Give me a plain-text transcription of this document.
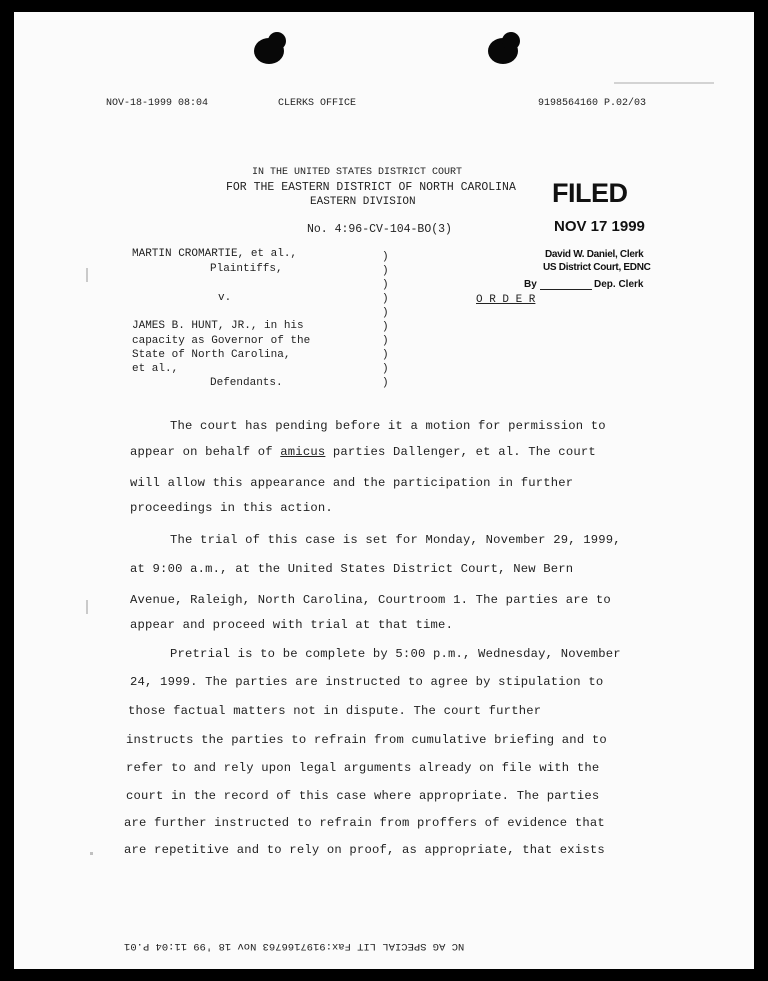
NOV-18-1999 08:04	CLERKS OFFICE	9198564160 P.02/03
IN THE UNITED STATES DISTRICT COURT
FOR THE EASTERN DISTRICT OF NORTH CAROLINA
EASTERN DIVISION
No. 4:96-CV-104-BO(3)
FILED
NOV 17 1999
David W. Daniel, Clerk
US District Court, EDNC
By	Dep. Clerk
MARTIN CROMARTIE, et al.,
Plaintiffs,
v.
JAMES B. HUNT, JR., in his
capacity as Governor of the
State of North Carolina,
et al.,
Defendants.
)
)
)
)
)
)
)
)
)
)
O R D E R
The court has pending before it a motion for permission to
appear on behalf of amicus parties Dallenger, et al. The court
will allow this appearance and the participation in further
proceedings in this action.
The trial of this case is set for Monday, November 29, 1999,
at 9:00 a.m., at the United States District Court, New Bern
Avenue, Raleigh, North Carolina, Courtroom 1. The parties are to
appear and proceed with trial at that time.
Pretrial is to be complete by 5:00 p.m., Wednesday, November
24, 1999. The parties are instructed to agree by stipulation to
those factual matters not in dispute. The court further
instructs the parties to refrain from cumulative briefing and to
refer to and rely upon legal arguments already on file with the
court in the record of this case where appropriate. The parties
are further instructed to refrain from proffers of evidence that
are repetitive and to rely on proof, as appropriate, that exists
NC AG SPECIAL LIT Fax:9197166763 Nov 18 '99 11:04 P.01
